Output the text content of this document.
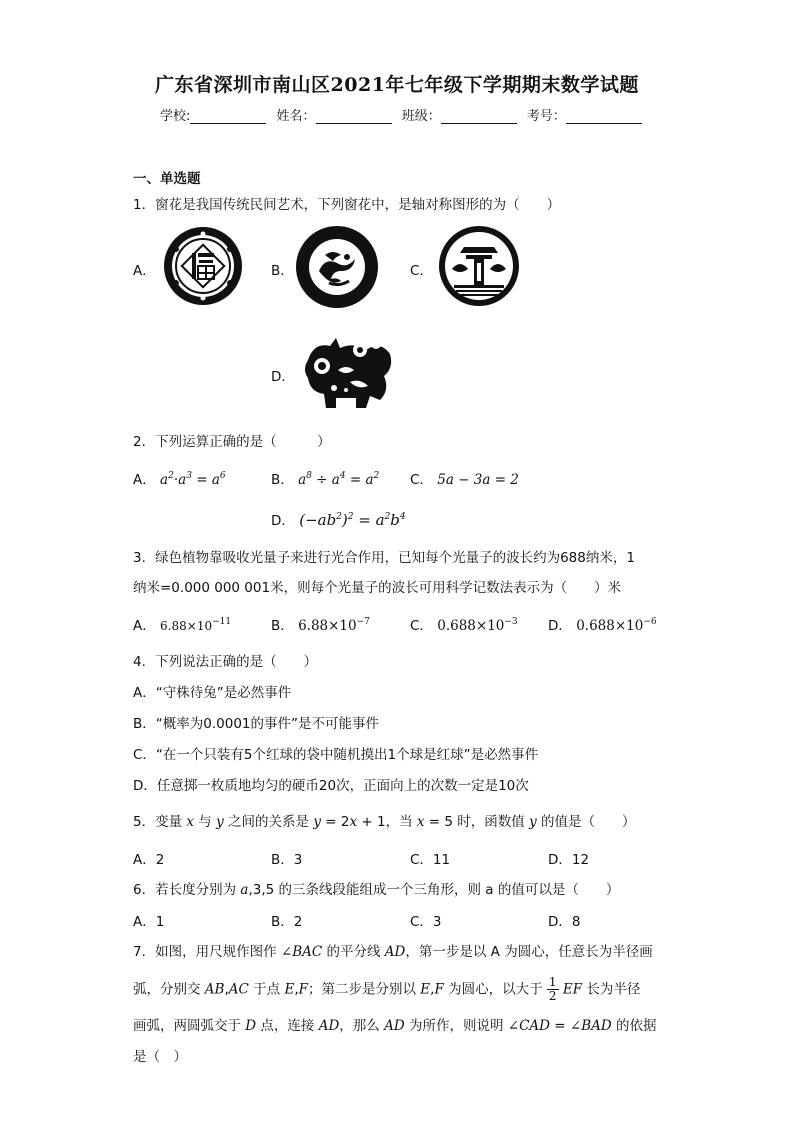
广东省深圳市南山区2021年七年级下学期期末数学试题
学校:	姓名：	班级：	考号：
一、单选题
1．窗花是我国传统民间艺术，下列窗花中，是轴对称图形的为（　　）
A．	B．	C．
D．
2．下列运算正确的是（　　　）
A． $a^2\cdot a^3 = a^6$	B． $a^8 \div a^4 = a^2$ C． 5a − 3a = 2
D． $(-ab^2)^2 = a^2b^4$
3．绿色植物靠吸收光量子来进行光合作用，已知每个光量子的波长约为688纳米，1
纳米=0.000 000 001米，则每个光量子的波长可用科学记数法表示为（　　）米
A． $6.88\times 10^{-11}$	B． $6.88\times 10^{-7}$	C． $0.688\times 10^{-3}$ D． $0.688\times 10^{-6}$
4．下列说法正确的是（　　）
A．“守株待兔”是必然事件
B．“概率为0.0001的事件”是不可能事件
C．“在一个只装有5个红球的袋中随机摸出1个球是红球”是必然事件
D．任意掷一枚质地均匀的硬币20次，正面向上的次数一定是10次
5．变量 x 与 y 之间的关系是 y = 2x + 1，当 x = 5 时，函数值 y 的值是（　　）
A．2	B．3	C．11	D．12
6．若长度分别为 a,3,5 的三条线段能组成一个三角形，则 a 的值可以是（　　）
A．1	B．2	C．3	D．8
7．如图，用尺规作图作 ∠BAC 的平分线 AD，第一步是以 A 为圆心，任意长为半径画
弧，分别交 AB,AC 于点 E,F；第二步是分别以 E,F 为圆心，以大于 $\frac{1}{2}$ EF 长为半径
画弧，两圆弧交于 D 点，连接 AD，那么 AD 为所作，则说明 ∠CAD = ∠BAD 的依据
是（　）
